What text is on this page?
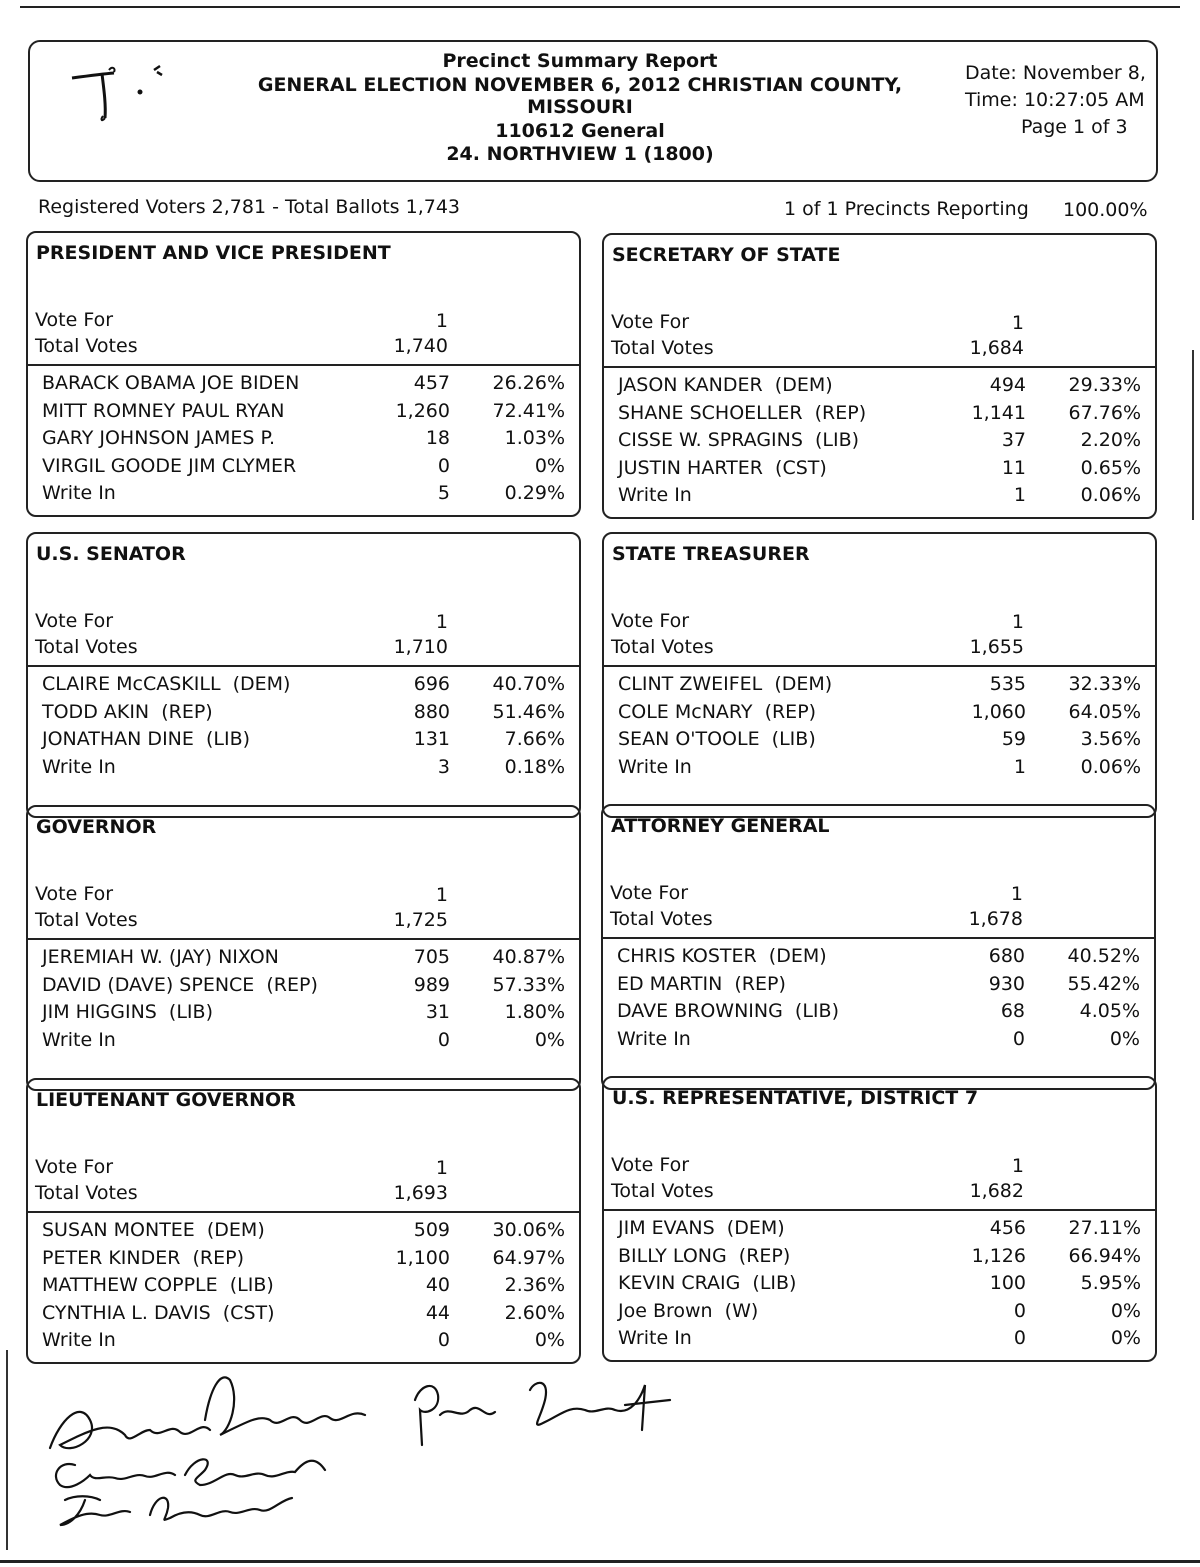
Precinct Summary Report
GENERAL ELECTION NOVEMBER 6, 2012 CHRISTIAN COUNTY,
MISSOURI
110612 General
24. NORTHVIEW 1 (1800)
Date: November 8,
Time: 10:27:05 AM
Page 1 of 3
Registered Voters 2,781 - Total Ballots 1,743	1 of 1 Precincts Reporting 100.00%
PRESIDENT AND VICE PRESIDENT
Vote For	1
Total Votes	1,740
BARACK OBAMA JOE BIDEN	457	26.26%
MITT ROMNEY PAUL RYAN	1,260	72.41%
GARY JOHNSON JAMES P.	18	1.03%
VIRGIL GOODE JIM CLYMER	0	0%
Write In	5	0.29%
SECRETARY OF STATE
Vote For	1
Total Votes	1,684
JASON KANDER  (DEM)	494	29.33%
SHANE SCHOELLER  (REP)	1,141	67.76%
CISSE W. SPRAGINS  (LIB)	37	2.20%
JUSTIN HARTER  (CST)	11	0.65%
Write In	1	0.06%
U.S. SENATOR
Vote For	1
Total Votes	1,710
CLAIRE McCASKILL  (DEM)	696	40.70%
TODD AKIN  (REP)	880	51.46%
JONATHAN DINE  (LIB)	131	7.66%
Write In	3	0.18%
STATE TREASURER
Vote For	1
Total Votes	1,655
CLINT ZWEIFEL  (DEM)	535	32.33%
COLE McNARY  (REP)	1,060	64.05%
SEAN O'TOOLE  (LIB)	59	3.56%
Write In	1	0.06%
GOVERNOR
Vote For	1
Total Votes	1,725
JEREMIAH W. (JAY) NIXON	705	40.87%
DAVID (DAVE) SPENCE  (REP)	989	57.33%
JIM HIGGINS  (LIB)	31	1.80%
Write In	0	0%
ATTORNEY GENERAL
Vote For	1
Total Votes	1,678
CHRIS KOSTER  (DEM)	680	40.52%
ED MARTIN  (REP)	930	55.42%
DAVE BROWNING  (LIB)	68	4.05%
Write In	0	0%
LIEUTENANT GOVERNOR
Vote For	1
Total Votes	1,693
SUSAN MONTEE  (DEM)	509	30.06%
PETER KINDER  (REP)	1,100	64.97%
MATTHEW COPPLE  (LIB)	40	2.36%
CYNTHIA L. DAVIS  (CST)	44	2.60%
Write In	0	0%
U.S. REPRESENTATIVE, DISTRICT 7
Vote For	1
Total Votes	1,682
JIM EVANS  (DEM)	456	27.11%
BILLY LONG  (REP)	1,126	66.94%
KEVIN CRAIG  (LIB)	100	5.95%
Joe Brown  (W)	0	0%
Write In	0	0%
